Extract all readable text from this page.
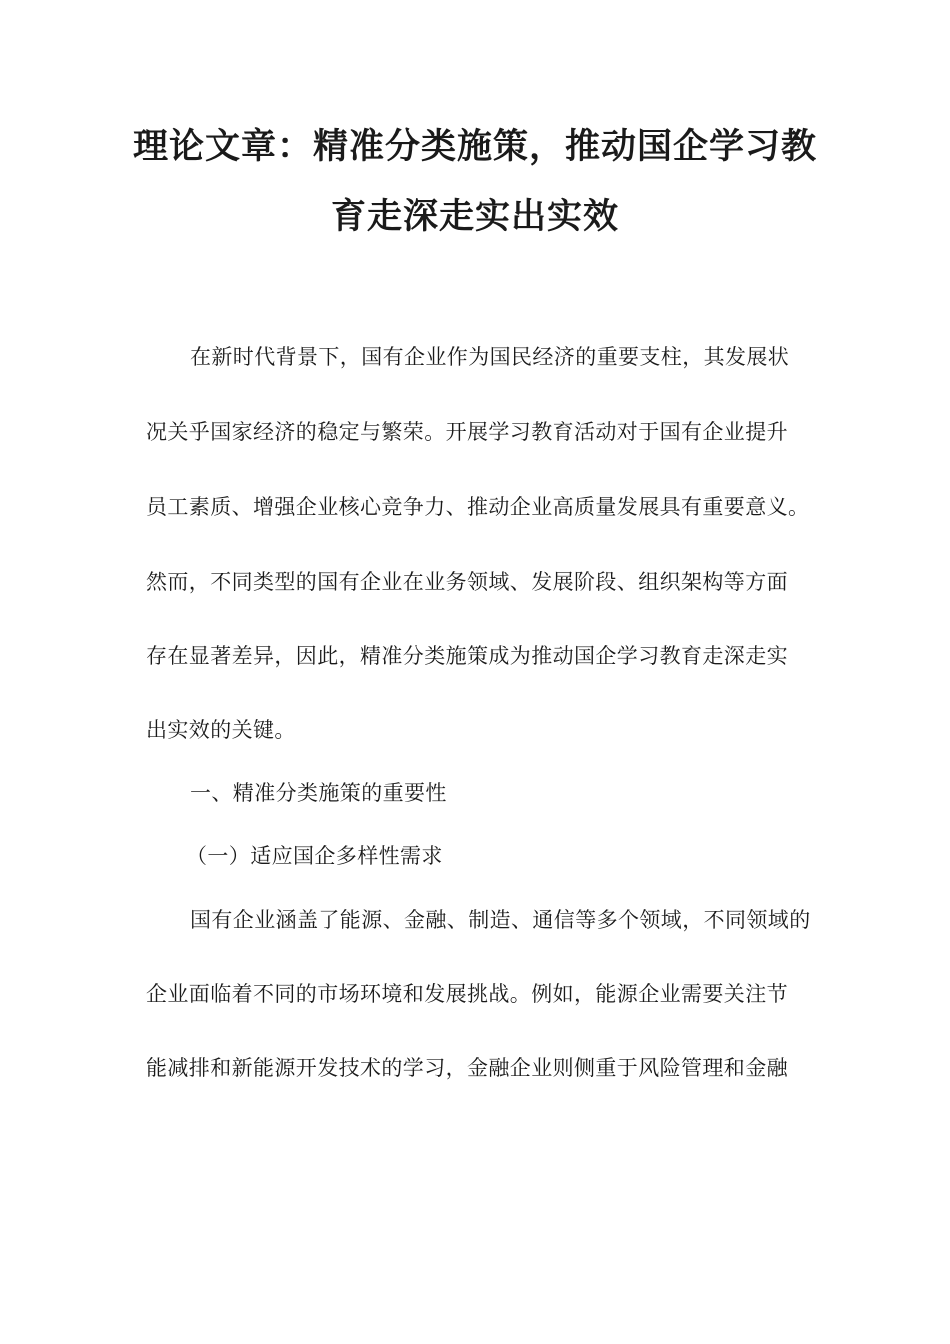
理论文章：精准分类施策，推动国企学习教
育走深走实出实效
在新时代背景下，国有企业作为国民经济的重要支柱，其发展状
况关乎国家经济的稳定与繁荣。开展学习教育活动对于国有企业提升
员工素质、增强企业核心竞争力、推动企业高质量发展具有重要意义。
然而，不同类型的国有企业在业务领域、发展阶段、组织架构等方面
存在显著差异，因此，精准分类施策成为推动国企学习教育走深走实
出实效的关键。
一、精准分类施策的重要性
（一）适应国企多样性需求
国有企业涵盖了能源、金融、制造、通信等多个领域，不同领域的
企业面临着不同的市场环境和发展挑战。例如，能源企业需要关注节
能减排和新能源开发技术的学习，金融企业则侧重于风险管理和金融
